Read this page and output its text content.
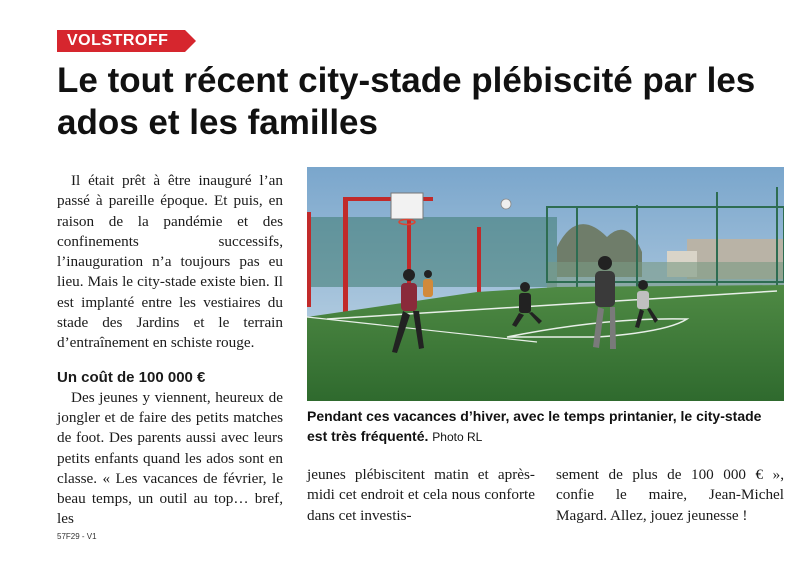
VOLSTROFF
Le tout récent city-stade plébiscité par les ados et les familles

Il était prêt à être inauguré l’an passé à pareille époque. Et puis, en raison de la pandémie et des confinements successifs, l’inauguration n’a toujours pas eu lieu. Mais le city-stade existe bien. Il est implanté entre les vestiaires du stade des Jardins et le terrain d’entraînement en schiste rouge.

Un coût de 100 000 €

Des jeunes y viennent, heureux de jongler et de faire des petits matches de foot. Des parents aussi avec leurs petits enfants quand les ados sont en classe. « Les vacances de février, le beau temps, un outil au top… bref, les

Pendant ces vacances d’hiver, avec le temps printanier, le city-stade est très fréquenté. Photo RL

jeunes plébiscitent matin et après-midi cet endroit et cela nous conforte dans cet investis-

sement de plus de 100 000 € », confie le maire, Jean-Michel Magard. Allez, jouez jeunesse !

57F29 - V1
